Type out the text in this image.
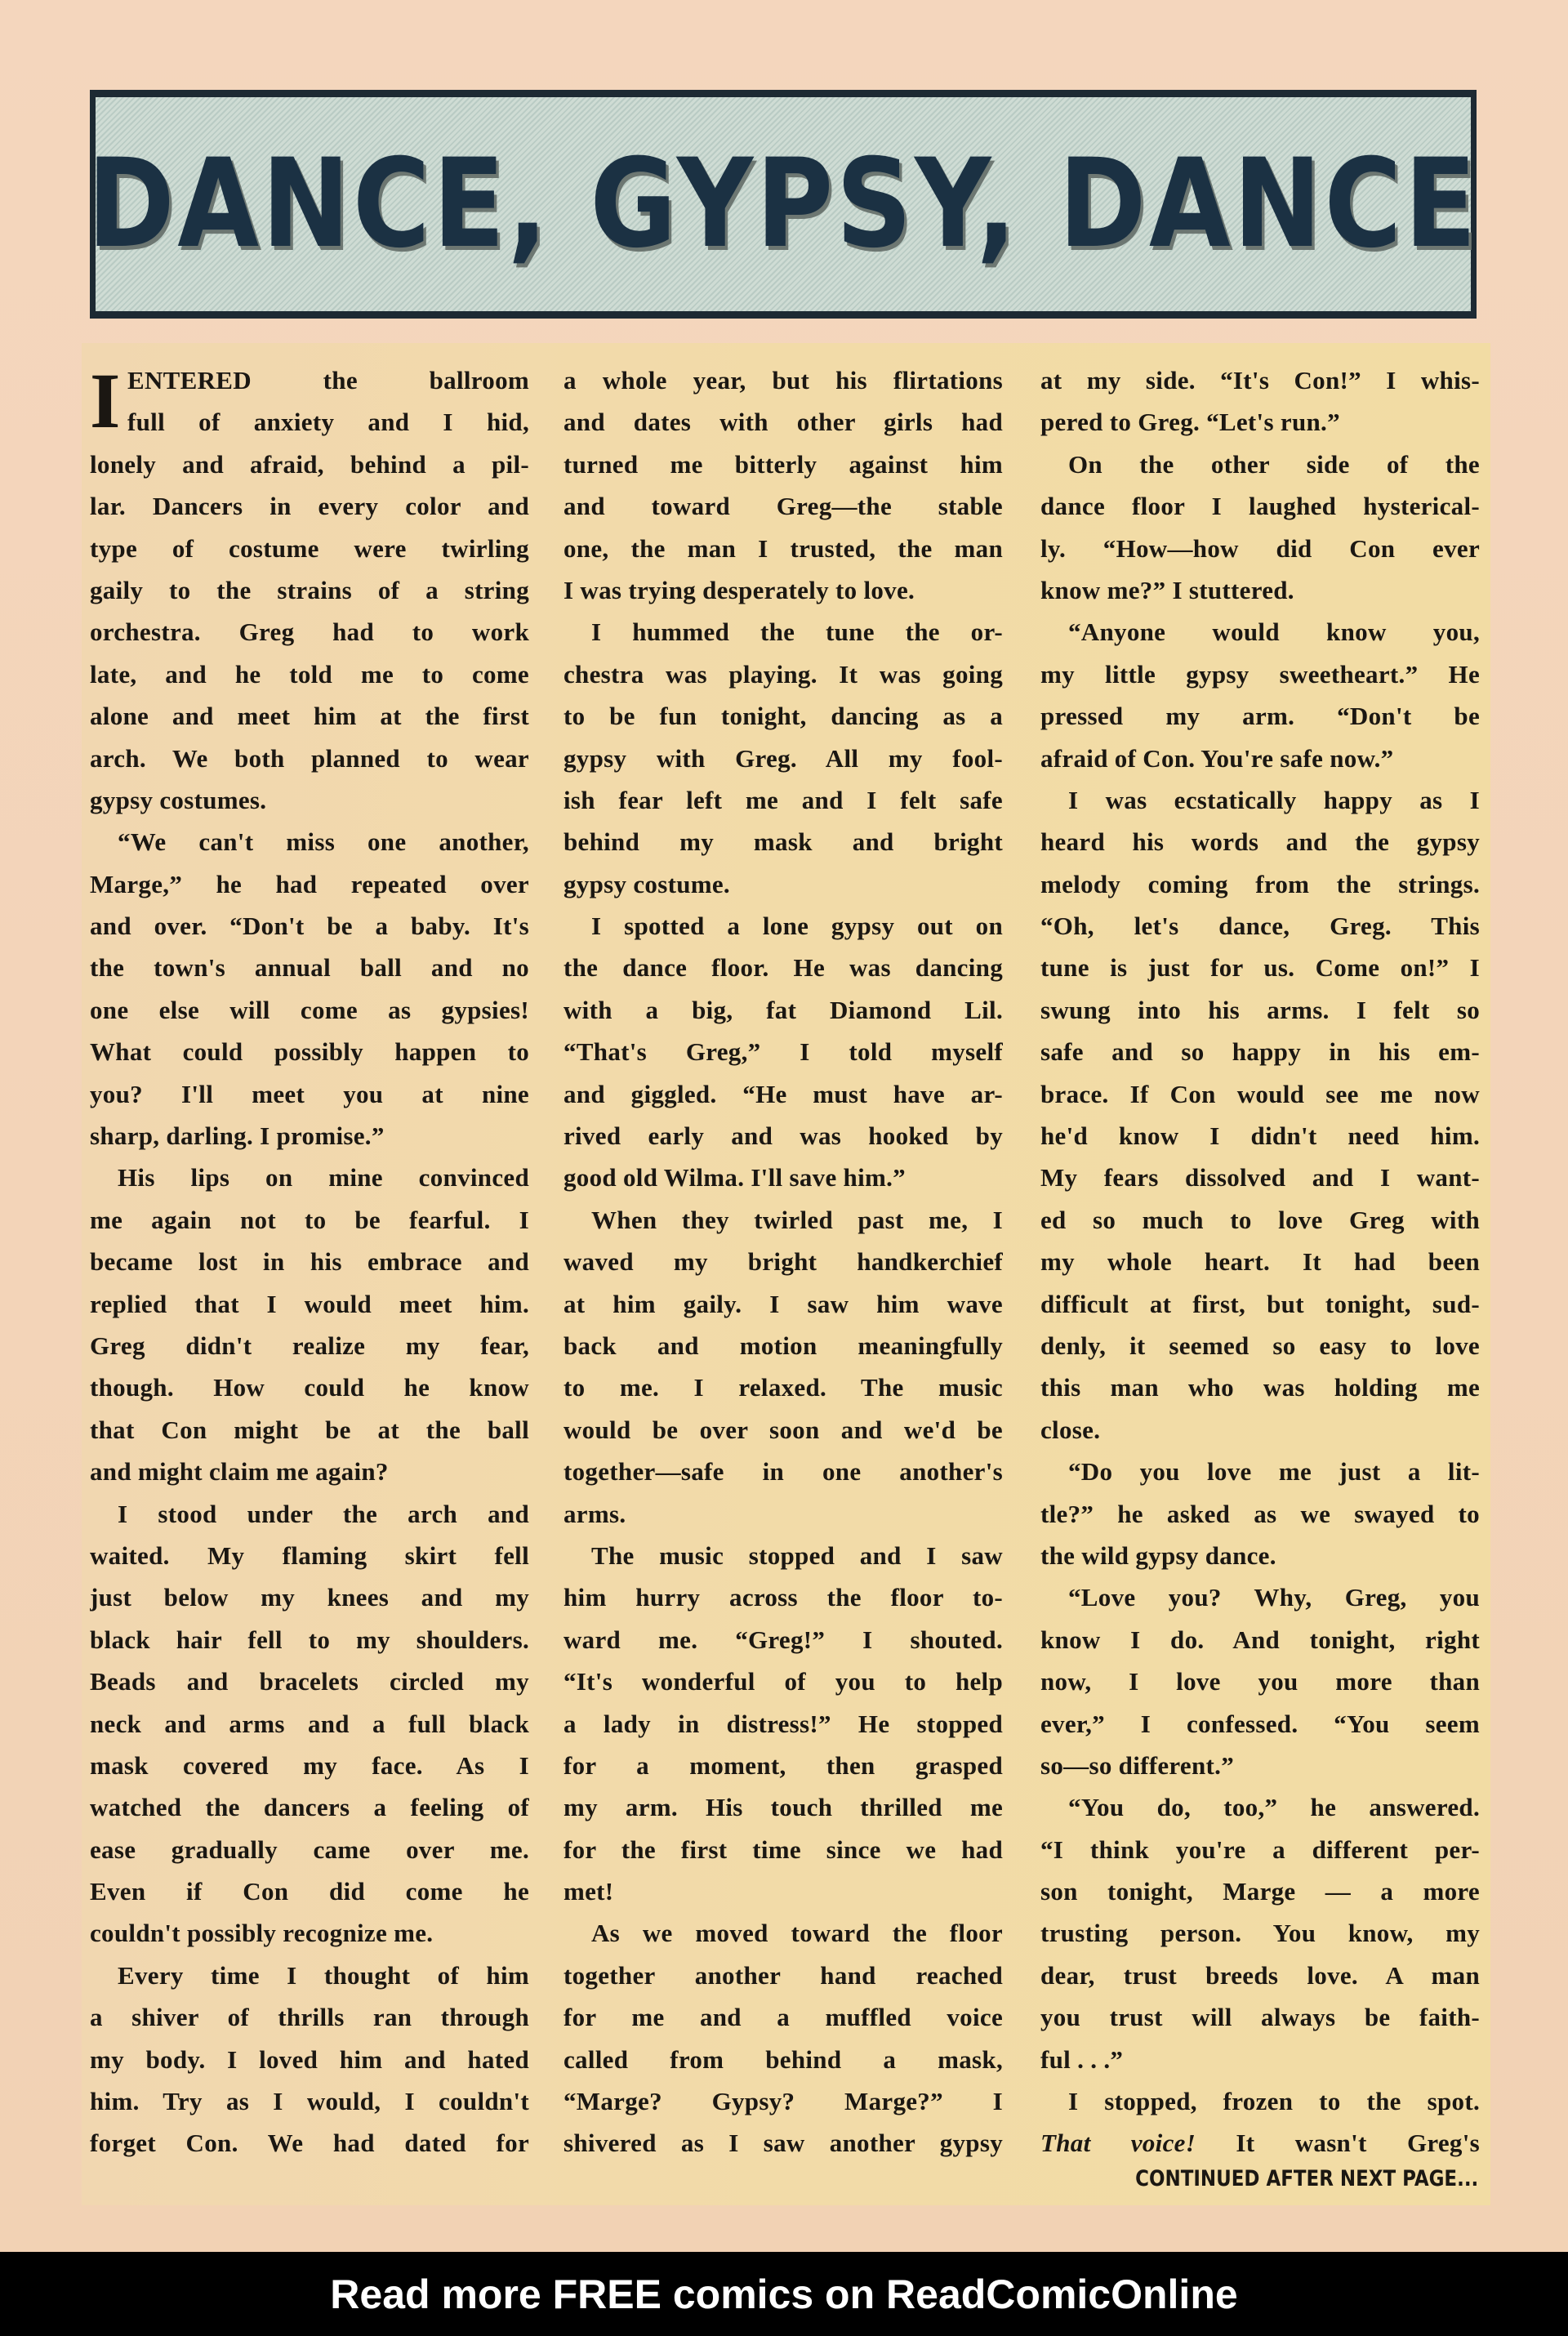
DANCE, GYPSY, DANCE
I ENTERED the ballroom
full of anxiety and I hid,
lonely and afraid, behind a pil-
lar. Dancers in every color and
type of costume were twirling
gaily to the strains of a string
orchestra. Greg had to work
late, and he told me to come
alone and meet him at the first
arch. We both planned to wear
gypsy costumes.
“We can't miss one another,
Marge,” he had repeated over
and over. “Don't be a baby. It's
the town's annual ball and no
one else will come as gypsies!
What could possibly happen to
you? I'll meet you at nine
sharp, darling. I promise.”
His lips on mine convinced
me again not to be fearful. I
became lost in his embrace and
replied that I would meet him.
Greg didn't realize my fear,
though. How could he know
that Con might be at the ball
and might claim me again?
I stood under the arch and
waited. My flaming skirt fell
just below my knees and my
black hair fell to my shoulders.
Beads and bracelets circled my
neck and arms and a full black
mask covered my face. As I
watched the dancers a feeling of
ease gradually came over me.
Even if Con did come he
couldn't possibly recognize me.
Every time I thought of him
a shiver of thrills ran through
my body. I loved him and hated
him. Try as I would, I couldn't
forget Con. We had dated for
a whole year, but his flirtations
and dates with other girls had
turned me bitterly against him
and toward Greg—the stable
one, the man I trusted, the man
I was trying desperately to love.
I hummed the tune the or-
chestra was playing. It was going
to be fun tonight, dancing as a
gypsy with Greg. All my fool-
ish fear left me and I felt safe
behind my mask and bright
gypsy costume.
I spotted a lone gypsy out on
the dance floor. He was dancing
with a big, fat Diamond Lil.
“That's Greg,” I told myself
and giggled. “He must have ar-
rived early and was hooked by
good old Wilma. I'll save him.”
When they twirled past me, I
waved my bright handkerchief
at him gaily. I saw him wave
back and motion meaningfully
to me. I relaxed. The music
would be over soon and we'd be
together—safe in one another's
arms.
The music stopped and I saw
him hurry across the floor to-
ward me. “Greg!” I shouted.
“It's wonderful of you to help
a lady in distress!” He stopped
for a moment, then grasped
my arm. His touch thrilled me
for the first time since we had
met!
As we moved toward the floor
together another hand reached
for me and a muffled voice
called from behind a mask,
“Marge? Gypsy? Marge?” I
shivered as I saw another gypsy
at my side. “It's Con!” I whis-
pered to Greg. “Let's run.”
On the other side of the
dance floor I laughed hysterical-
ly. “How—how did Con ever
know me?” I stuttered.
“Anyone would know you,
my little gypsy sweetheart.” He
pressed my arm. “Don't be
afraid of Con. You're safe now.”
I was ecstatically happy as I
heard his words and the gypsy
melody coming from the strings.
“Oh, let's dance, Greg. This
tune is just for us. Come on!” I
swung into his arms. I felt so
safe and so happy in his em-
brace. If Con would see me now
he'd know I didn't need him.
My fears dissolved and I want-
ed so much to love Greg with
my whole heart. It had been
difficult at first, but tonight, sud-
denly, it seemed so easy to love
this man who was holding me
close.
“Do you love me just a lit-
tle?” he asked as we swayed to
the wild gypsy dance.
“Love you? Why, Greg, you
know I do. And tonight, right
now, I love you more than
ever,” I confessed. “You seem
so—so different.”
“You do, too,” he answered.
“I think you're a different per-
son tonight, Marge — a more
trusting person. You know, my
dear, trust breeds love. A man
you trust will always be faith-
ful . . .”
I stopped, frozen to the spot.
That voice! It wasn't Greg's
CONTINUED AFTER NEXT PAGE...
Read more FREE comics on ReadComicOnline
